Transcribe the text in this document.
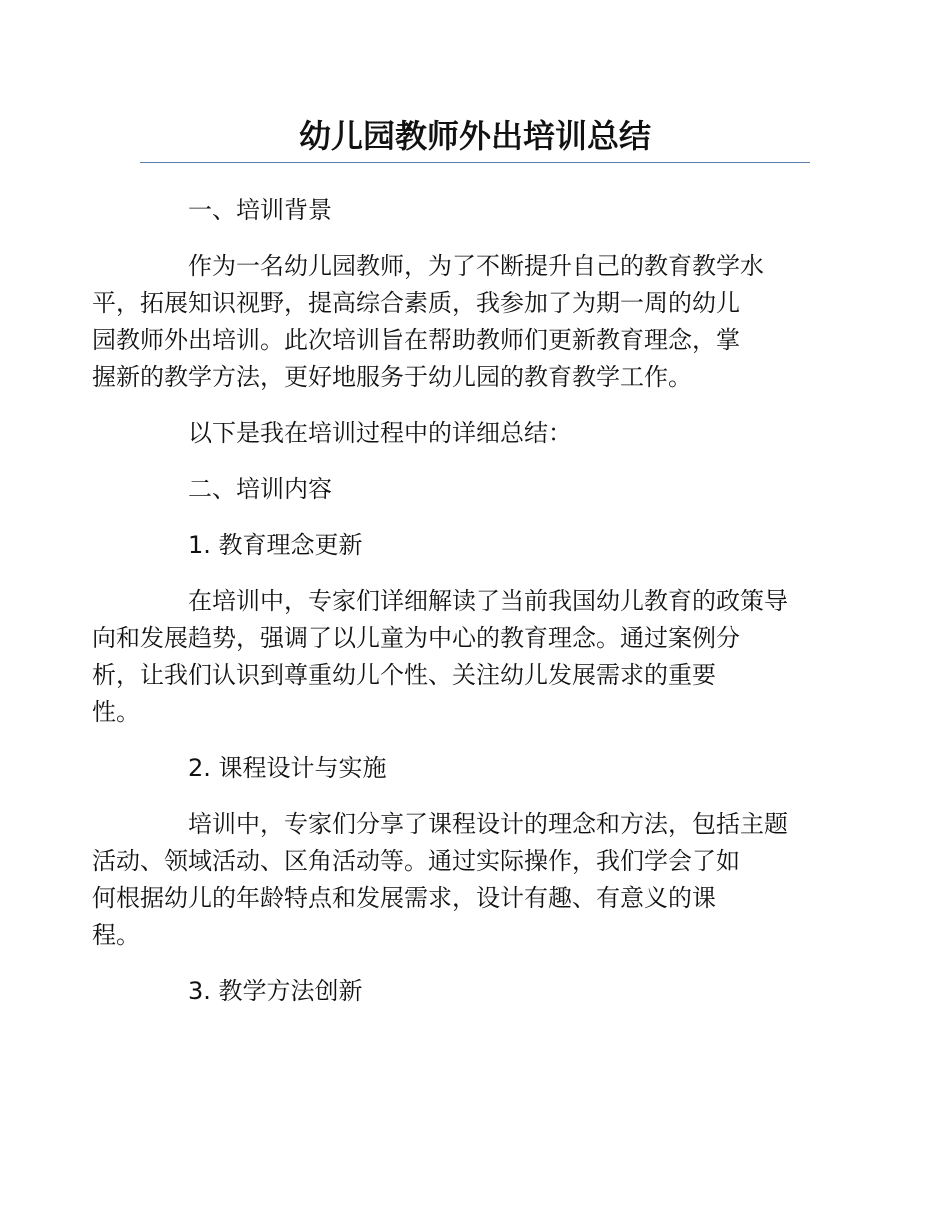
幼儿园教师外出培训总结

一、培训背景

作为一名幼儿园教师，为了不断提升自己的教育教学水
平，拓展知识视野，提高综合素质，我参加了为期一周的幼儿
园教师外出培训。此次培训旨在帮助教师们更新教育理念，掌
握新的教学方法，更好地服务于幼儿园的教育教学工作。

以下是我在培训过程中的详细总结：

二、培训内容

1. 教育理念更新

在培训中，专家们详细解读了当前我国幼儿教育的政策导
向和发展趋势，强调了以儿童为中心的教育理念。通过案例分
析，让我们认识到尊重幼儿个性、关注幼儿发展需求的重要
性。

2. 课程设计与实施

培训中，专家们分享了课程设计的理念和方法，包括主题
活动、领域活动、区角活动等。通过实际操作，我们学会了如
何根据幼儿的年龄特点和发展需求，设计有趣、有意义的课
程。

3. 教学方法创新
